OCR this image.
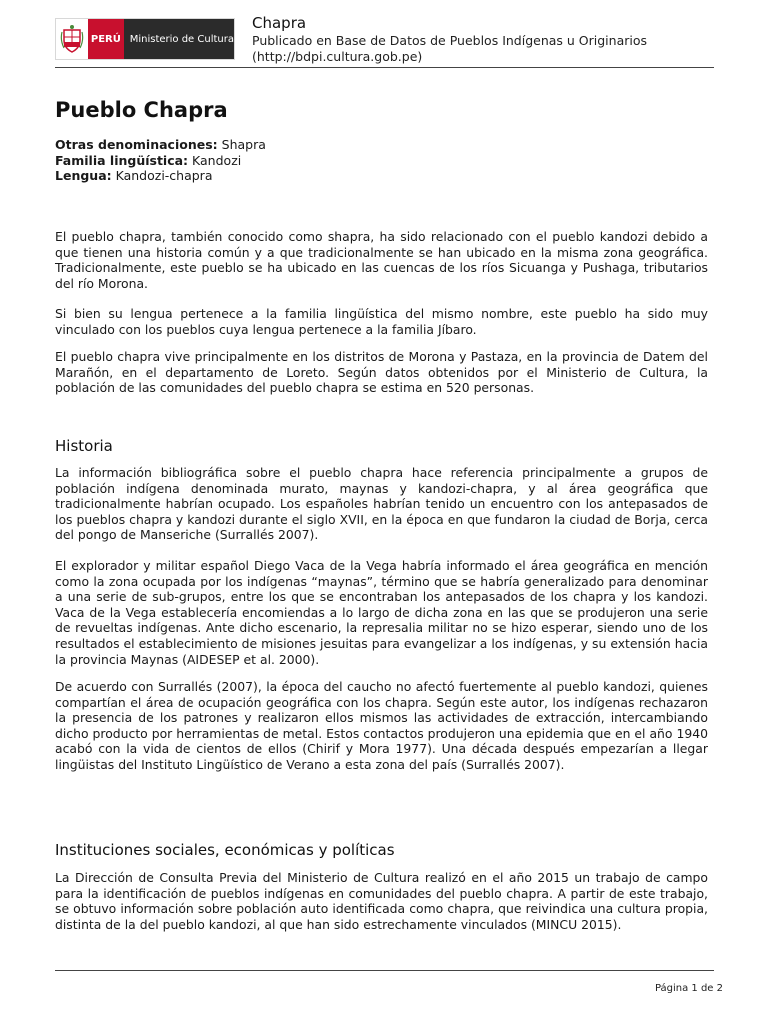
PERÚ Ministerio de Cultura
Chapra
Publicado en Base de Datos de Pueblos Indígenas u Originarios
(http://bdpi.cultura.gob.pe)
Pueblo Chapra
Otras denominaciones: Shapra
Familia lingüística: Kandozi
Lengua: Kandozi-chapra

El pueblo chapra, también conocido como shapra, ha sido relacionado con el pueblo kandozi debido a que tienen una historia común y a que tradicionalmente se han ubicado en la misma zona geográfica. Tradicionalmente, este pueblo se ha ubicado en las cuencas de los ríos Sicuanga y Pushaga, tributarios del río Morona.

Si bien su lengua pertenece a la familia lingüística del mismo nombre, este pueblo ha sido muy vinculado con los pueblos cuya lengua pertenece a la familia Jíbaro.

El pueblo chapra vive principalmente en los distritos de Morona y Pastaza, en la provincia de Datem del Marañón, en el departamento de Loreto. Según datos obtenidos por el Ministerio de Cultura, la población de las comunidades del pueblo chapra se estima en 520 personas.

Historia

La información bibliográfica sobre el pueblo chapra hace referencia principalmente a grupos de población indígena denominada murato, maynas y kandozi-chapra, y al área geográfica que tradicionalmente habrían ocupado. Los españoles habrían tenido un encuentro con los antepasados de los pueblos chapra y kandozi durante el siglo XVII, en la época en que fundaron la ciudad de Borja, cerca del pongo de Manseriche (Surrallés 2007).

El explorador y militar español Diego Vaca de la Vega habría informado el área geográfica en mención como la zona ocupada por los indígenas “maynas”, término que se habría generalizado para denominar a una serie de sub-grupos, entre los que se encontraban los antepasados de los chapra y los kandozi. Vaca de la Vega establecería encomiendas a lo largo de dicha zona en las que se produjeron una serie de revueltas indígenas. Ante dicho escenario, la represalia militar no se hizo esperar, siendo uno de los resultados el establecimiento de misiones jesuitas para evangelizar a los indígenas, y su extensión hacia la provincia Maynas (AIDESEP et al. 2000).

De acuerdo con Surrallés (2007), la época del caucho no afectó fuertemente al pueblo kandozi, quienes compartían el área de ocupación geográfica con los chapra. Según este autor, los indígenas rechazaron la presencia de los patrones y realizaron ellos mismos las actividades de extracción, intercambiando dicho producto por herramientas de metal. Estos contactos produjeron una epidemia que en el año 1940 acabó con la vida de cientos de ellos (Chirif y Mora 1977). Una década después empezarían a llegar lingüistas del Instituto Lingüístico de Verano a esta zona del país (Surrallés 2007).

Instituciones sociales, económicas y políticas

La Dirección de Consulta Previa del Ministerio de Cultura realizó en el año 2015 un trabajo de campo para la identificación de pueblos indígenas en comunidades del pueblo chapra. A partir de este trabajo, se obtuvo información sobre población auto identificada como chapra, que reivindica una cultura propia, distinta de la del pueblo kandozi, al que han sido estrechamente vinculados (MINCU 2015).

Página 1 de 2
